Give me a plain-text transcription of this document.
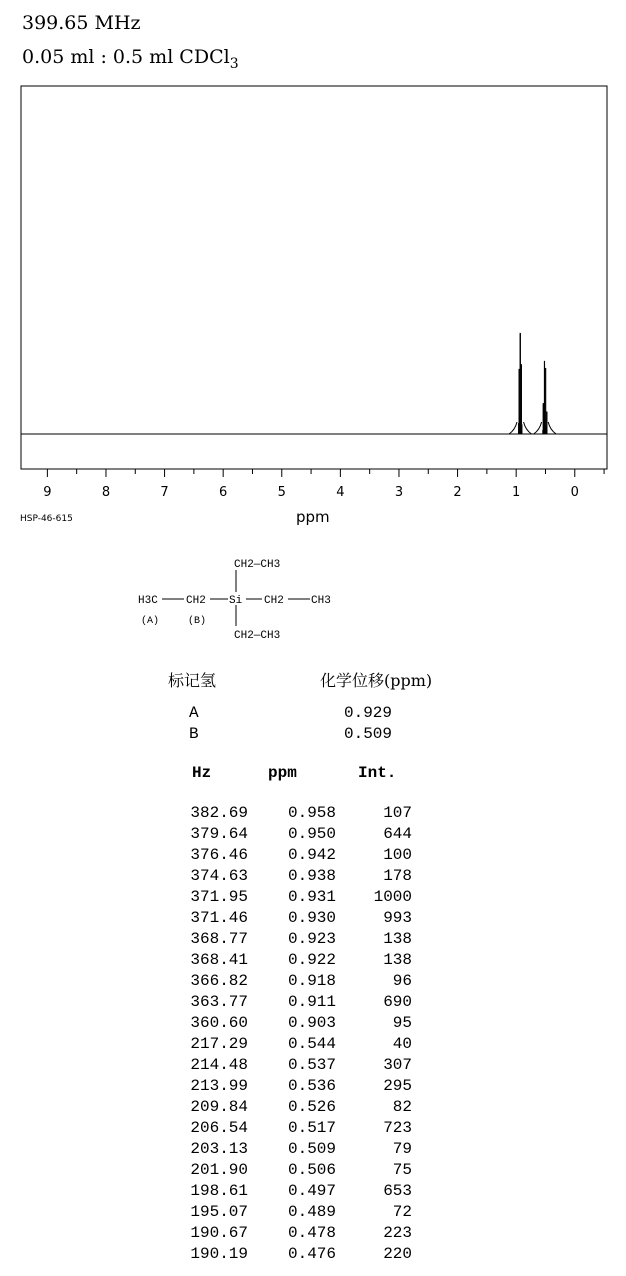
399.65 MHz
0.05 ml : 0.5 ml CDCl$_3$
9	8	7	6	5	4	3	2	1	0
HSP-46-615	ppm
CH2—CH3
H3C	CH2 Si CH2 CH3
CH2—CH3
(A)	(B)
标记氢	化学位移(ppm)
A	0.929
B	0.509
Hz	ppm	Int.
382.69	0.958	107
379.64	0.950	644
376.46	0.942	100
374.63	0.938	178
371.95	0.931	1000
371.46	0.930	993
368.77	0.923	138
368.41	0.922	138
366.82	0.918	96
363.77	0.911	690
360.60	0.903	95
217.29	0.544	40
214.48	0.537	307
213.99	0.536	295
209.84	0.526	82
206.54	0.517	723
203.13	0.509	79
201.90	0.506	75
198.61	0.497	653
195.07	0.489	72
190.67	0.478	223
190.19	0.476	220
